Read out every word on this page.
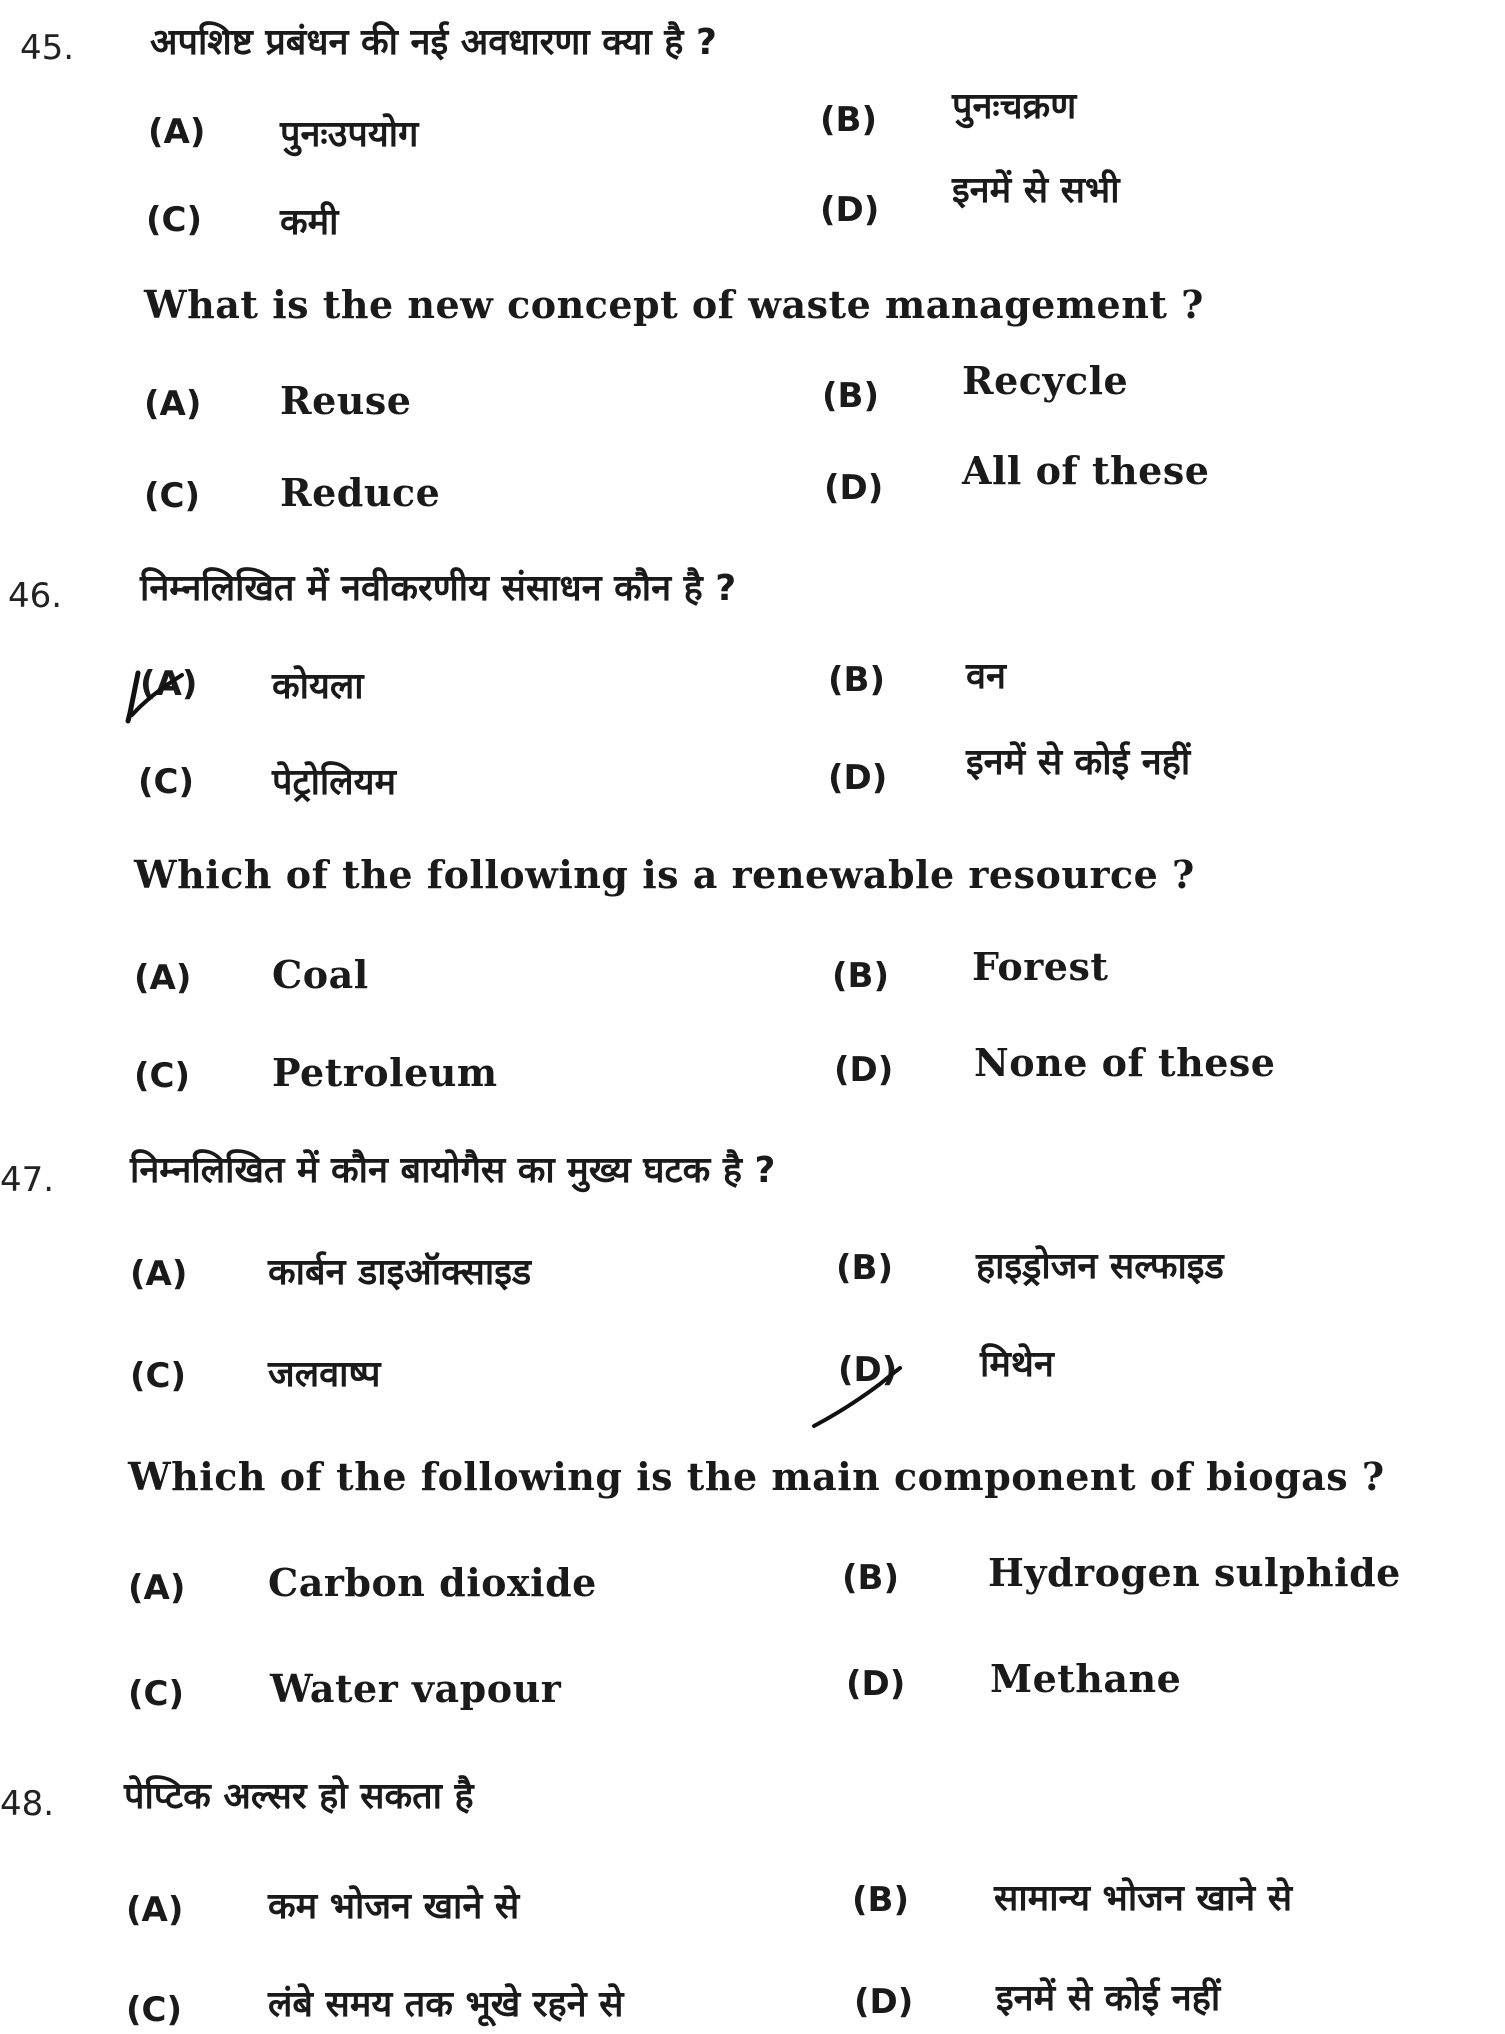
45. अपशिष्ट प्रबंधन की नई अवधारणा क्या है ?
(A) पुनःउपयोग	(B) पुनःचक्रण
(C) कमी	(D) इनमें से सभी
What is the new concept of waste management ?
(A) Reuse	(B) Recycle
(C) Reduce	(D) All of these
46. निम्नलिखित में नवीकरणीय संसाधन कौन है ?
(A) कोयला	(B) वन
(C) पेट्रोलियम	(D) इनमें से कोई नहीं
Which of the following is a renewable resource ?
(A) Coal	(B) Forest
(C) Petroleum	(D) None of these
47. निम्नलिखित में कौन बायोगैस का मुख्य घटक है ?
(A) कार्बन डाइऑक्साइड	(B) हाइड्रोजन सल्फाइड
(C) जलवाष्प	(D) मिथेन
Which of the following is the main component of biogas ?
(A) Carbon dioxide	(B) Hydrogen sulphide
(C) Water vapour	(D) Methane
48. पेप्टिक अल्सर हो सकता है
(A) कम भोजन खाने से	(B) सामान्य भोजन खाने से
(C) लंबे समय तक भूखे रहने से	(D) इनमें से कोई नहीं
